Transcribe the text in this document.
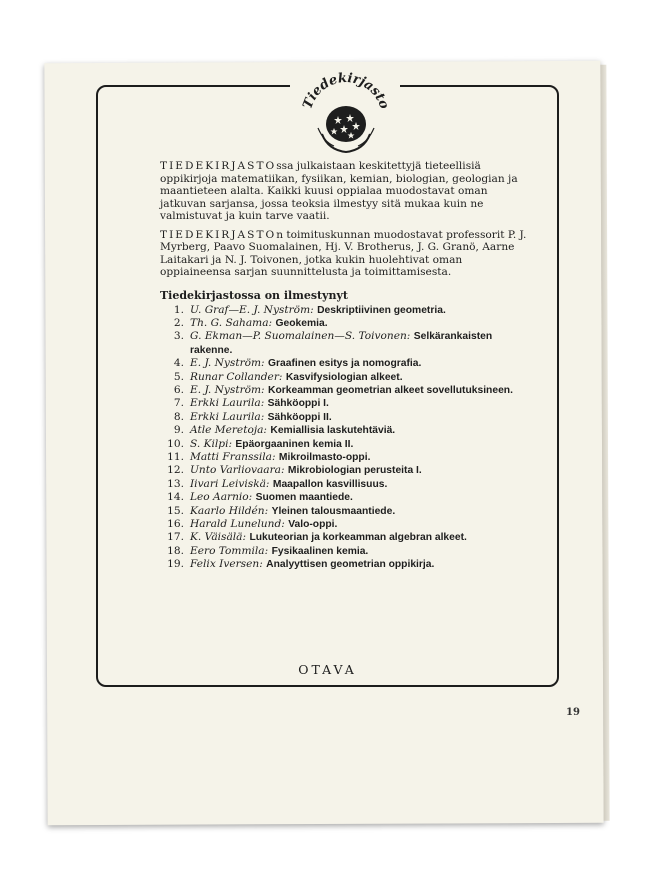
Tiedekirjasto

TIEDEKIRJASTOssa julkaistaan keskitettyjä tieteellisiä oppikirjoja matematiikan, fysiikan, kemian, biologian, geologian ja maantieteen alalta. Kaikki kuusi oppialaa muodostavat oman jatkuvan sarjansa, jossa teoksia ilmestyy sitä mukaa kuin ne valmistuvat ja kuin tarve vaatii.

TIEDEKIRJASTOn toimituskunnan muodostavat professorit P. J. Myrberg, Paavo Suomalainen, Hj. V. Brotherus, J. G. Granö, Aarne Laitakari ja N. J. Toivonen, jotka kukin huolehtivat oman oppiaineensa sarjan suunnittelusta ja toimittamisesta.

Tiedekirjastossa on ilmestynyt
1. U. Graf—E. J. Nyström: Deskriptiivinen geometria.
2. Th. G. Sahama: Geokemia.
3. G. Ekman—P. Suomalainen—S. Toivonen: Selkärankaisten rakenne.
4. E. J. Nyström: Graafinen esitys ja nomografia.
5. Runar Collander: Kasvifysiologian alkeet.
6. E. J. Nyström: Korkeamman geometrian alkeet sovellutuksineen.
7. Erkki Laurila: Sähköoppi I.
8. Erkki Laurila: Sähköoppi II.
9. Atle Meretoja: Kemiallisia laskutehtäviä.
10. S. Kilpi: Epäorgaaninen kemia II.
11. Matti Franssila: Mikroilmasto-oppi.
12. Unto Varliovaara: Mikrobiologian perusteita I.
13. Iivari Leiviskä: Maapallon kasvillisuus.
14. Leo Aarnio: Suomen maantiede.
15. Kaarlo Hildén: Yleinen talousmaantiede.
16. Harald Lunelund: Valo-oppi.
17. K. Väisälä: Lukuteorian ja korkeamman algebran alkeet.
18. Eero Tommila: Fysikaalinen kemia.
19. Felix Iversen: Analyyttisen geometrian oppikirja.
OTAVA
19
